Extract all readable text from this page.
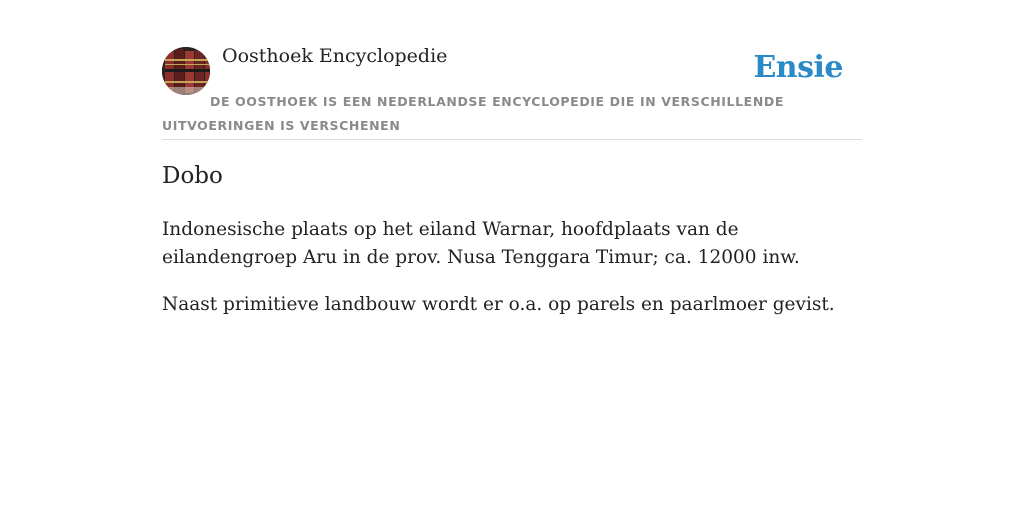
Oosthoek Encyclopedie	Ensie
DE OOSTHOEK IS EEN NEDERLANDSE ENCYCLOPEDIE DIE IN VERSCHILLENDE UITVOERINGEN IS VERSCHENEN
Dobo

Indonesische plaats op het eiland Warnar, hoofdplaats van de eilandengroep Aru in de prov. Nusa Tenggara Timur; ca. 12000 inw.

Naast primitieve landbouw wordt er o.a. op parels en paarlmoer gevist.
